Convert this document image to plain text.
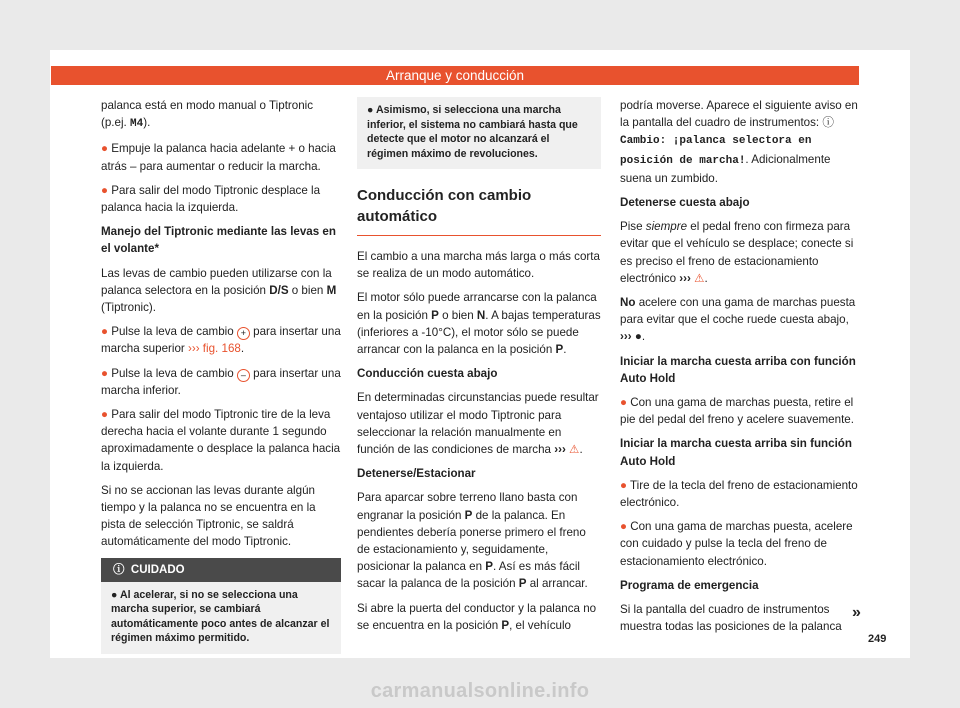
Arranque y conducción

palanca está en modo manual o Tiptronic (p.ej. M4).

● Empuje la palanca hacia adelante + o hacia atrás – para aumentar o reducir la marcha.

● Para salir del modo Tiptronic desplace la palanca hacia la izquierda.

Manejo del Tiptronic mediante las levas en el volante*

Las levas de cambio pueden utilizarse con la palanca selectora en la posición D/S o bien M (Tiptronic).

● Pulse la leva de cambio + para insertar una marcha superior ››› fig. 168.

● Pulse la leva de cambio – para insertar una marcha inferior.

● Para salir del modo Tiptronic tire de la leva derecha hacia el volante durante 1 segundo aproximadamente o desplace la palanca hacia la izquierda.

Si no se accionan las levas durante algún tiempo y la palanca no se encuentra en la pista de selección Tiptronic, se saldrá automáticamente del modo Tiptronic.

ⓘ  CUIDADO
● Al acelerar, si no se selecciona una marcha superior, se cambiará automáticamente poco antes de alcanzar el régimen máximo permitido.
● Asimismo, si selecciona una marcha inferior, el sistema no cambiará hasta que detecte que el motor no alcanzará el régimen máximo de revoluciones.
Conducción con cambio automático

El cambio a una marcha más larga o más corta se realiza de un modo automático.

El motor sólo puede arrancarse con la palanca en la posición P o bien N. A bajas temperaturas (inferiores a -10°C), el motor sólo se puede arrancar con la palanca en la posición P.

Conducción cuesta abajo

En determinadas circunstancias puede resultar ventajoso utilizar el modo Tiptronic para seleccionar la relación manualmente en función de las condiciones de marcha ››› ⚠.

Detenerse/Estacionar

Para aparcar sobre terreno llano basta con engranar la posición P de la palanca. En pendientes debería ponerse primero el freno de estacionamiento y, seguidamente, posicionar la palanca en P. Así es más fácil sacar la palanca de la posición P al arrancar.

Si abre la puerta del conductor y la palanca no se encuentra en la posición P, el vehículo

podría moverse. Aparece el siguiente aviso en la pantalla del cuadro de instrumentos: ⓘ
Cambio: ¡palanca selectora en posición de marcha!. Adicionalmente suena un zumbido.

Detenerse cuesta abajo

Pise siempre el pedal freno con firmeza para evitar que el vehículo se desplace; conecte si es preciso el freno de estacionamiento electrónico ››› ⚠.

No acelere con una gama de marchas puesta para evitar que el coche ruede cuesta abajo, ››› ●.

Iniciar la marcha cuesta arriba con función Auto Hold

● Con una gama de marchas puesta, retire el pie del pedal del freno y acelere suavemente.

Iniciar la marcha cuesta arriba sin función Auto Hold

● Tire de la tecla del freno de estacionamiento electrónico.

● Con una gama de marchas puesta, acelere con cuidado y pulse la tecla del freno de estacionamiento electrónico.

Programa de emergencia

Si la pantalla del cuadro de instrumentos muestra todas las posiciones de la palanca

»
249
carmanualsonline.info
